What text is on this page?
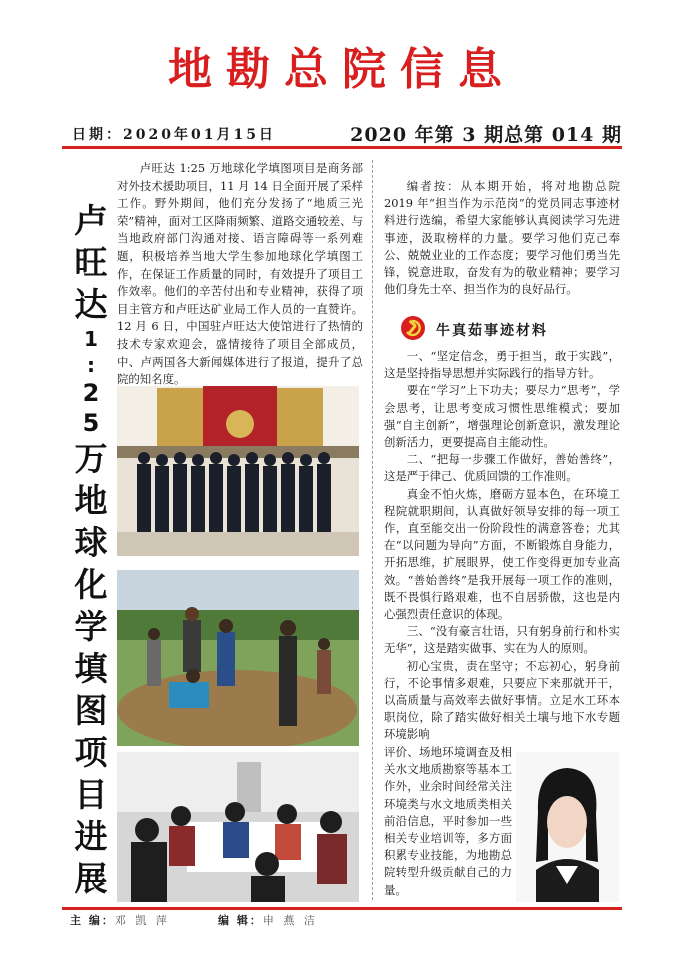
地勘总院信息
日期：2020年01月15日	2020 年第 3 期总第 014 期
卢
旺
达
1
:
2
5
万
地
球
化
学
填
图
项
目
进
展
卢旺达 1:25 万地球化学填图项目是商务部对外技术援助项目，11 月 14 日全面开展了采样工作。野外期间，他们充分发扬了“地质三光荣”精神，面对工区降雨频繁、道路交通较差、与当地政府部门沟通对接、语言障碍等一系列难题，积极培养当地大学生参加地球化学填图工作，在保证工作质量的同时，有效提升了项目工作效率。他们的辛苦付出和专业精神，获得了项目主管方和卢旺达矿业局工作人员的一直赞许。12 月 6 日，中国驻卢旺达大使馆进行了热情的技术专家欢迎会，盛情接待了项目全部成员，中、卢两国各大新闻媒体进行了报道，提升了总院的知名度。

编者按：从本期开始，将对地勘总院 2019 年“担当作为示范岗”的党员同志事迹材料进行选编，希望大家能够认真阅读学习先进事迹，汲取榜样的力量。要学习他们克己奉公、兢兢业业的工作态度；要学习他们勇当先锋，锐意进取，奋发有为的敬业精神；要学习他们身先士卒、担当作为的良好品行。

牛真茹事迹材料

一、“坚定信念，勇于担当，敢于实践”，这是坚持指导思想并实际践行的指导方针。

要在“学习”上下功夫；要尽力“思考”，学会思考，让思考变成习惯性思维模式；要加强“自主创新”，增强理论创新意识，激发理论创新活力，更要提高自主能动性。

二、“把每一步骤工作做好，善始善终”，这是严于律己、优质回馈的工作准则。

真金不怕火炼，磨砺方显本色，在环境工程院就职期间，认真做好领导安排的每一项工作，直至能交出一份阶段性的满意答卷；尤其在“以问题为导向”方面，不断锻炼自身能力，开拓思维，扩展眼界，使工作变得更加专业高效。“善始善终”是我开展每一项工作的准则，既不畏惧行路艰难，也不自居骄傲，这也是内心强烈责任意识的体现。

三、“没有豪言壮语，只有躬身前行和朴实无华”，这是踏实做事、实在为人的原则。

初心宝贵，责在坚守；不忘初心，躬身前行，不论事情多艰难，只要应下来那就开干，以高质量与高效率去做好事情。立足水工环本职岗位，除了踏实做好相关土壤与地下水专题环境影响

评价、场地环境调查及相关水文地质勘察等基本工作外，业余时间经常关注环境类与水文地质类相关前沿信息，平时参加一些相关专业培训等，多方面积累专业技能，为地勘总院转型升级贡献自己的力量。
主 编：邓 凯 萍	编 辑：申 燕 洁
